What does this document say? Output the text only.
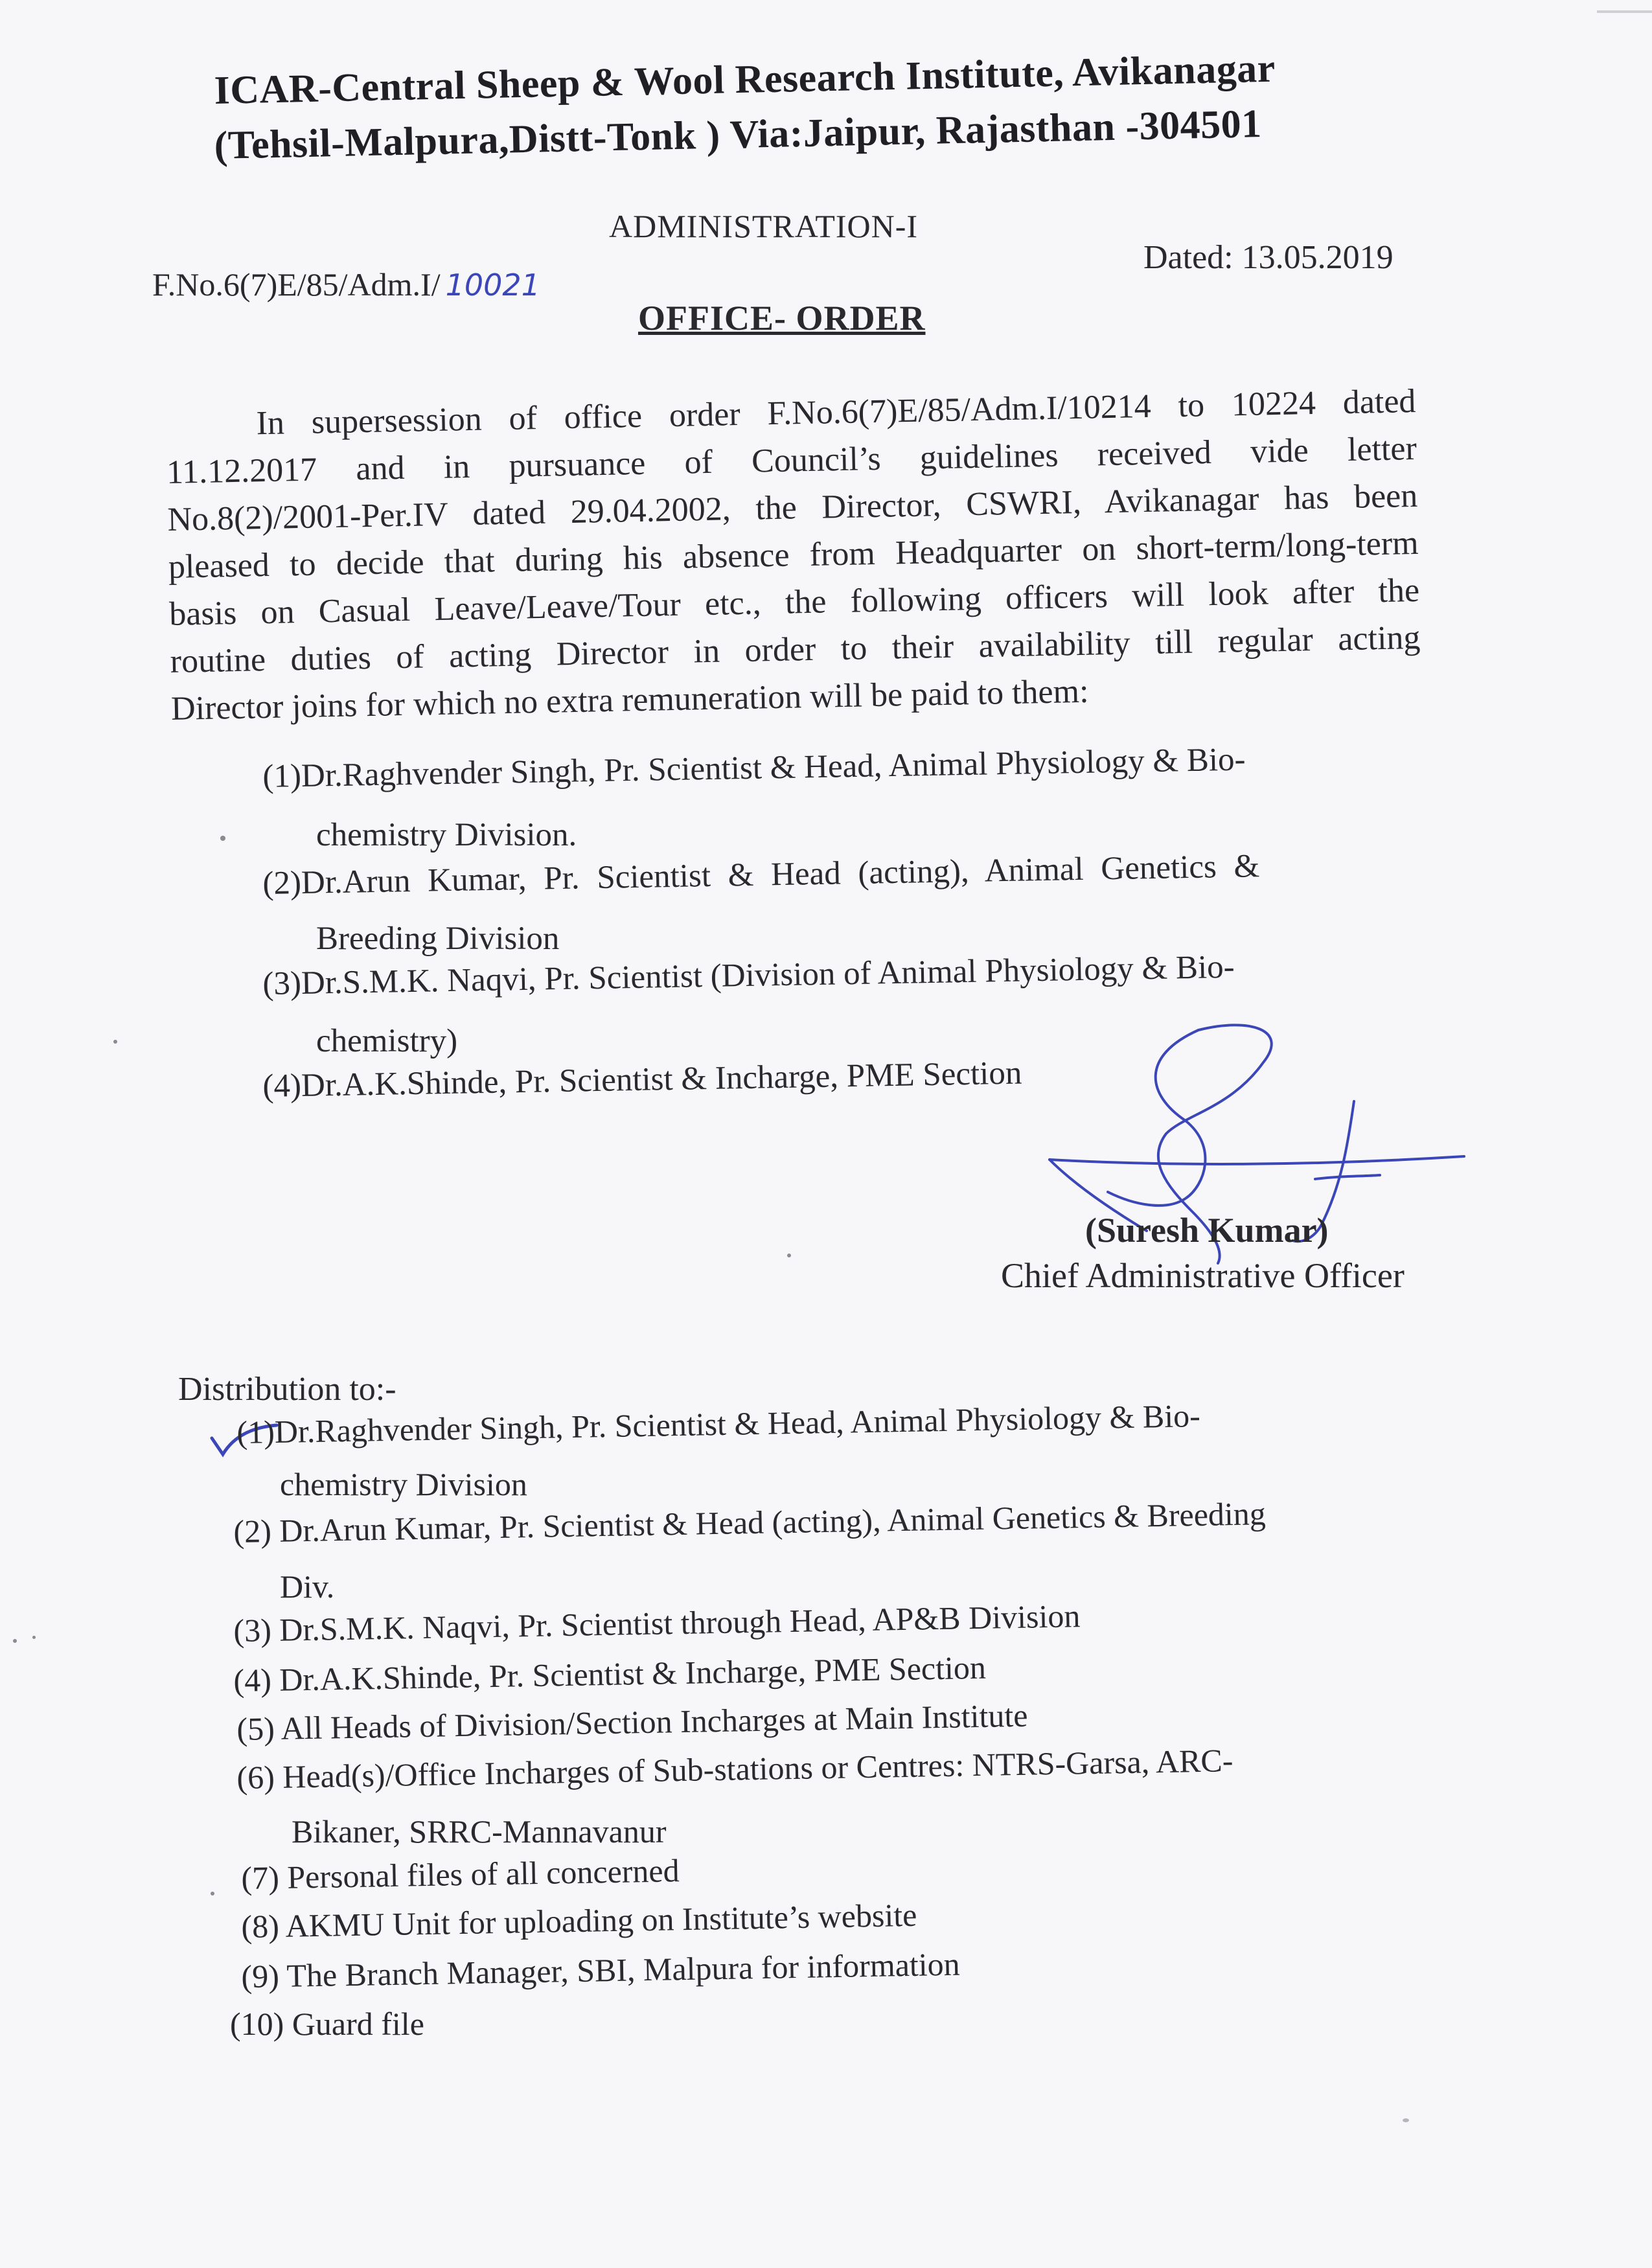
ICAR-Central Sheep & Wool Research Institute, Avikanagar
(Tehsil-Malpura,Distt-Tonk ) Via:Jaipur, Rajasthan -304501
ADMINISTRATION-I
F.No.6(7)E/85/Adm.I/ 10021
Dated: 13.05.2019
OFFICE- ORDER
In supersession of office order F.No.6(7)E/85/Adm.I/10214 to 10224 dated
11.12.2017 and in pursuance of Council’s guidelines received vide letter
No.8(2)/2001-Per.IV dated 29.04.2002, the Director, CSWRI, Avikanagar has been
pleased to decide that during his absence from Headquarter on short-term/long-term
basis on Casual Leave/Leave/Tour etc., the following officers will look after the
routine duties of acting Director in order to their availability till regular acting
Director joins for which no extra remuneration will be paid to them:
(1)Dr.Raghvender Singh, Pr. Scientist & Head, Animal Physiology & Bio-
chemistry Division.
(2)Dr.Arun Kumar, Pr. Scientist & Head (acting), Animal Genetics &
Breeding Division
(3)Dr.S.M.K. Naqvi, Pr. Scientist (Division of Animal Physiology & Bio-
chemistry)
(4)Dr.A.K.Shinde, Pr. Scientist & Incharge, PME Section
(Suresh Kumar)
Chief Administrative Officer
Distribution to:-
(1)Dr.Raghvender Singh, Pr. Scientist & Head, Animal Physiology & Bio-
chemistry Division
(2) Dr.Arun Kumar, Pr. Scientist & Head (acting), Animal Genetics & Breeding
Div.
(3) Dr.S.M.K. Naqvi, Pr. Scientist through Head, AP&B Division
(4) Dr.A.K.Shinde, Pr. Scientist & Incharge, PME Section
(5) All Heads of Division/Section Incharges at Main Institute
(6) Head(s)/Office Incharges of Sub-stations or Centres: NTRS-Garsa, ARC-
Bikaner, SRRC-Mannavanur
(7) Personal files of all concerned
(8) AKMU Unit for uploading on Institute’s website
(9) The Branch Manager, SBI, Malpura for information
(10) Guard file
